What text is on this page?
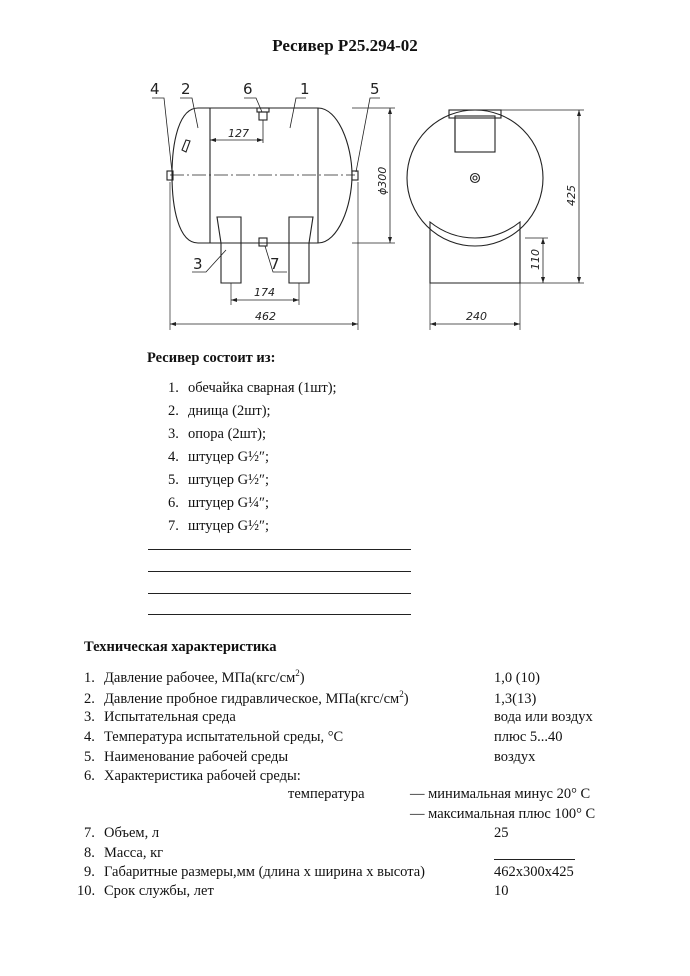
Ресивер Р25.294-02
4 2	6	1	5
3	7
127
174
462	240
ϕ300
425
110
Ресивер состоит из:
1. обечайка сварная (1шт);
2. днища (2шт);
3. опора (2шт);
4. штуцер G½″;
5. штуцер G½″;
6. штуцер G¼″;
7. штуцер G½″;
Техническая характеристика
1. Давление рабочее, $МПа(кгс/см^2)$	1,0 (10)
2. Давление пробное гидравлическое, $МПа(кгс/см^2)$	1,3(13)
3. Испытательная среда	вода или воздух
4. Температура испытательной среды, °С	плюс 5...40
5. Наименование рабочей среды	воздух
6. Характеристика рабочей среды:
температура	— минимальная минус 20° С
— максимальная плюс 100° С
7. Объем, л	25
8. Масса, кг
9. Габаритные размеры,мм (длина х ширина х высота)	462х300х425
10. Срок службы, лет	10
